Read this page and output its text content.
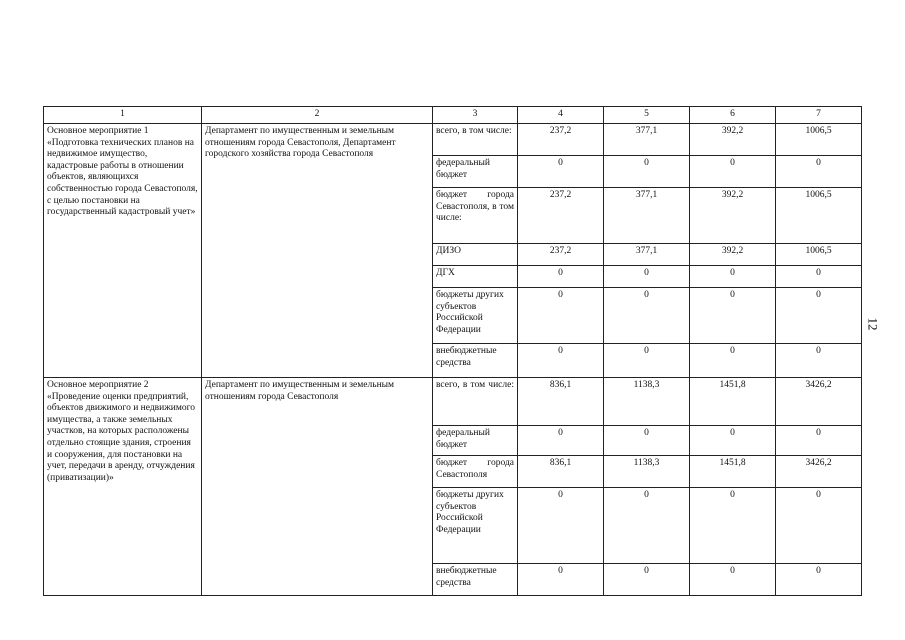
1	2	3	4	5	6	7
Основное мероприятие 1 «Подготовка технических планов на недвижимое имущество, кадастровые работы в отношении объектов, являющихся собственностью города Севастополя, с целью постановки на государственный кадастровый учет»	Департамент по имущественным и земельным отношениям города Севастополя, Департамент городского хозяйства города Севастополя	всего, в том числе:	237,2	377,1	392,2	1006,5
		федеральный бюджет	0	0	0	0
		бюджет города Севастополя, в том числе:	237,2	377,1	392,2	1006,5
		ДИЗО	237,2	377,1	392,2	1006,5
		ДГХ	0	0	0	0
		бюджеты других субъектов Российской Федерации	0	0	0	0
		внебюджетные средства	0	0	0	0
Основное мероприятие 2 «Проведение оценки предприятий, объектов движимого и недвижимого имущества, а также земельных участков, на которых расположены отдельно стоящие здания, строения и сооружения, для постановки на учет, передачи в аренду, отчуждения (приватизации)»	Департамент по имущественным и земельным отношениям города Севастополя	всего, в том числе:	836,1	1138,3	1451,8	3426,2
		федеральный бюджет	0	0	0	0
		бюджет города Севастополя	836,1	1138,3	1451,8	3426,2
		бюджеты других субъектов Российской Федерации	0	0	0	0
		внебюджетные средства	0	0	0	0
12
